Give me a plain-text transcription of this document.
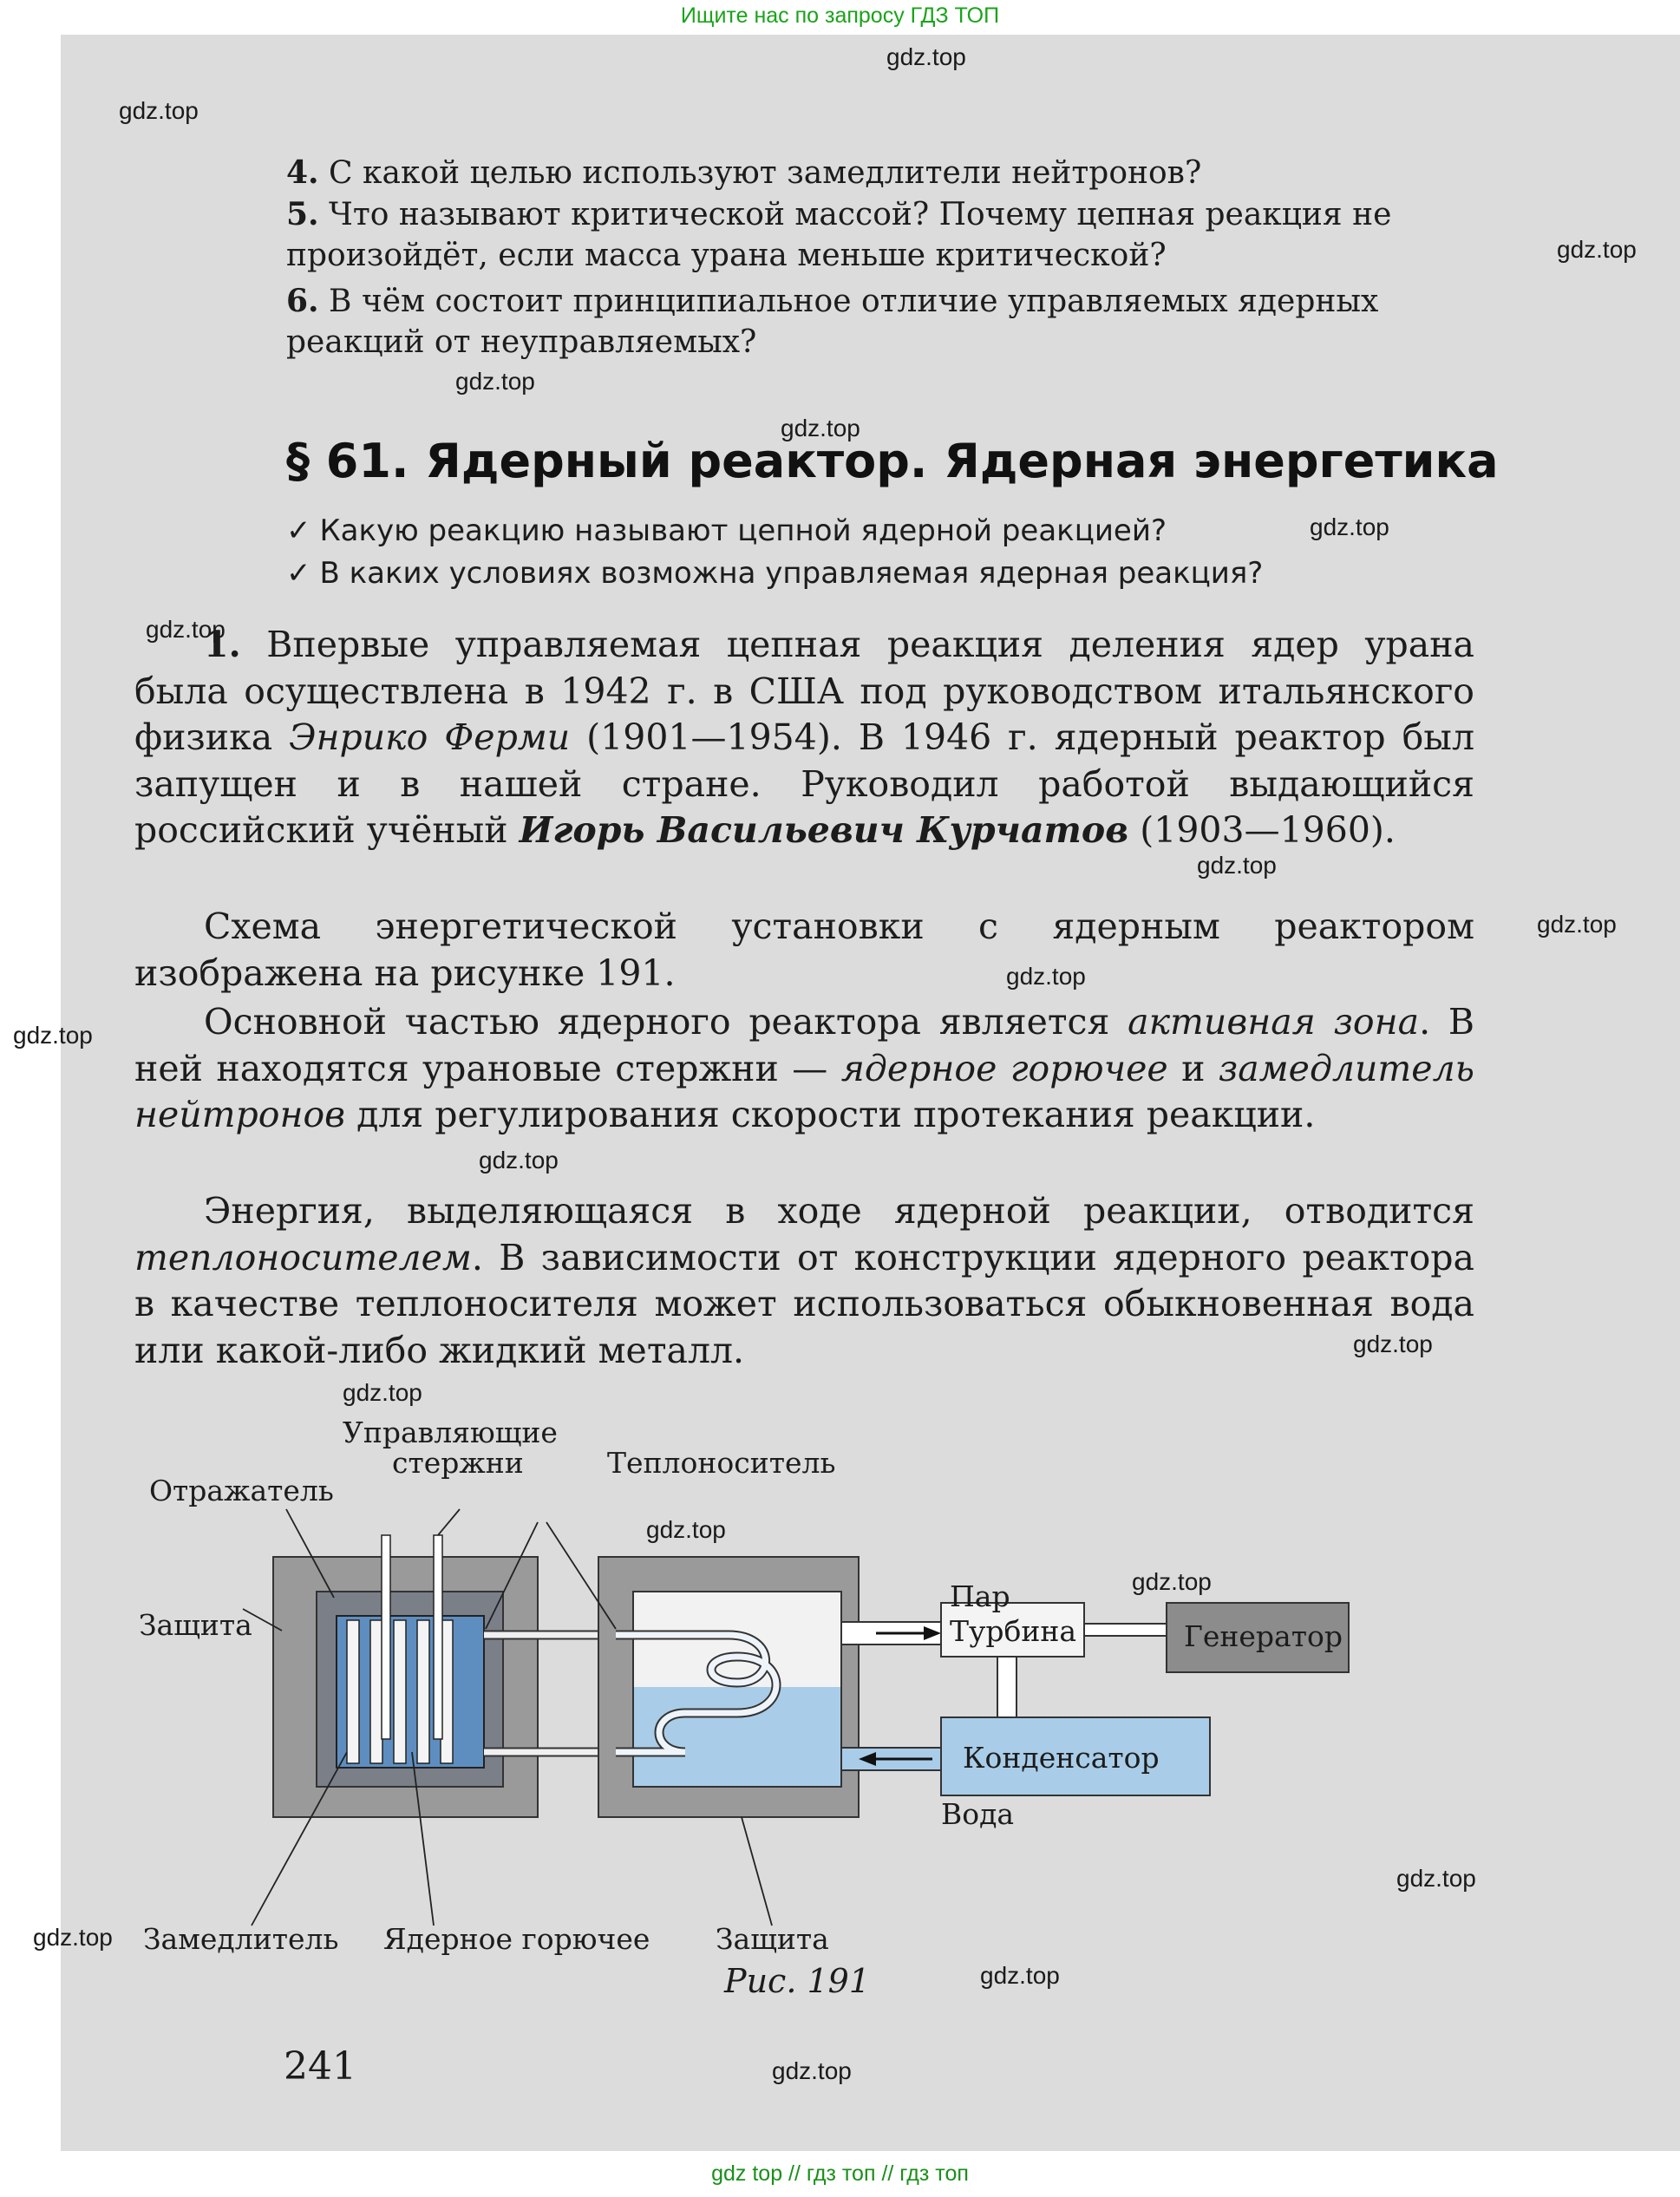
Ищите нас по запросу ГДЗ ТОП
4. С какой целью используют замедлители нейтронов?
5. Что называют критической массой? Почему цепная реакция не
произойдёт, если масса урана меньше критической?
6. В чём состоит принципиальное отличие управляемых ядерных
реакций от неуправляемых?
§ 61. Ядерный реактор. Ядерная энергетика
✓ Какую реакцию называют цепной ядерной реакцией?
✓ В каких условиях возможна управляемая ядерная реакция?
1. Впервые управляемая цепная реакция деления ядер урана была осуществлена в 1942 г. в США под руководством итальянского физика Энрико Ферми (1901—1954). В 1946 г. ядерный реактор был запущен и в нашей стране. Руководил работой выдающийся российский учёный Игорь Васильевич Курчатов (1903—1960).
Схема энергетической установки с ядерным реактором изображена на рисунке 191.
Основной частью ядерного реактора является активная зона. В ней находятся урановые стержни — ядерное горючее и замедлитель нейтронов для регулирования скорости протекания реакции.
Энергия, выделяющаяся в ходе ядерной реакции, отводится теплоносителем. В зависимости от конструкции ядерного реактора в качестве теплоносителя может использоваться обыкновенная вода или какой-либо жидкий металл.
Управляющие
стержни	Теплоноситель
Отражатель
Защита
Пар
Турбина	Генератор
Конденсатор
Вода
Замедлитель Ядерное горючее Защита
Рис. 191
241
gdz.top
gdz.top
gdz.top
gdz.top
gdz.top
gdz.top
gdz.top
gdz.top
gdz.top
gdz.top
gdz.top
gdz.top
gdz.top
gdz.top
gdz.top
gdz.top
gdz.top
gdz.top
gdz.top
gdz.top
gdz top // гдз топ // гдз топ
